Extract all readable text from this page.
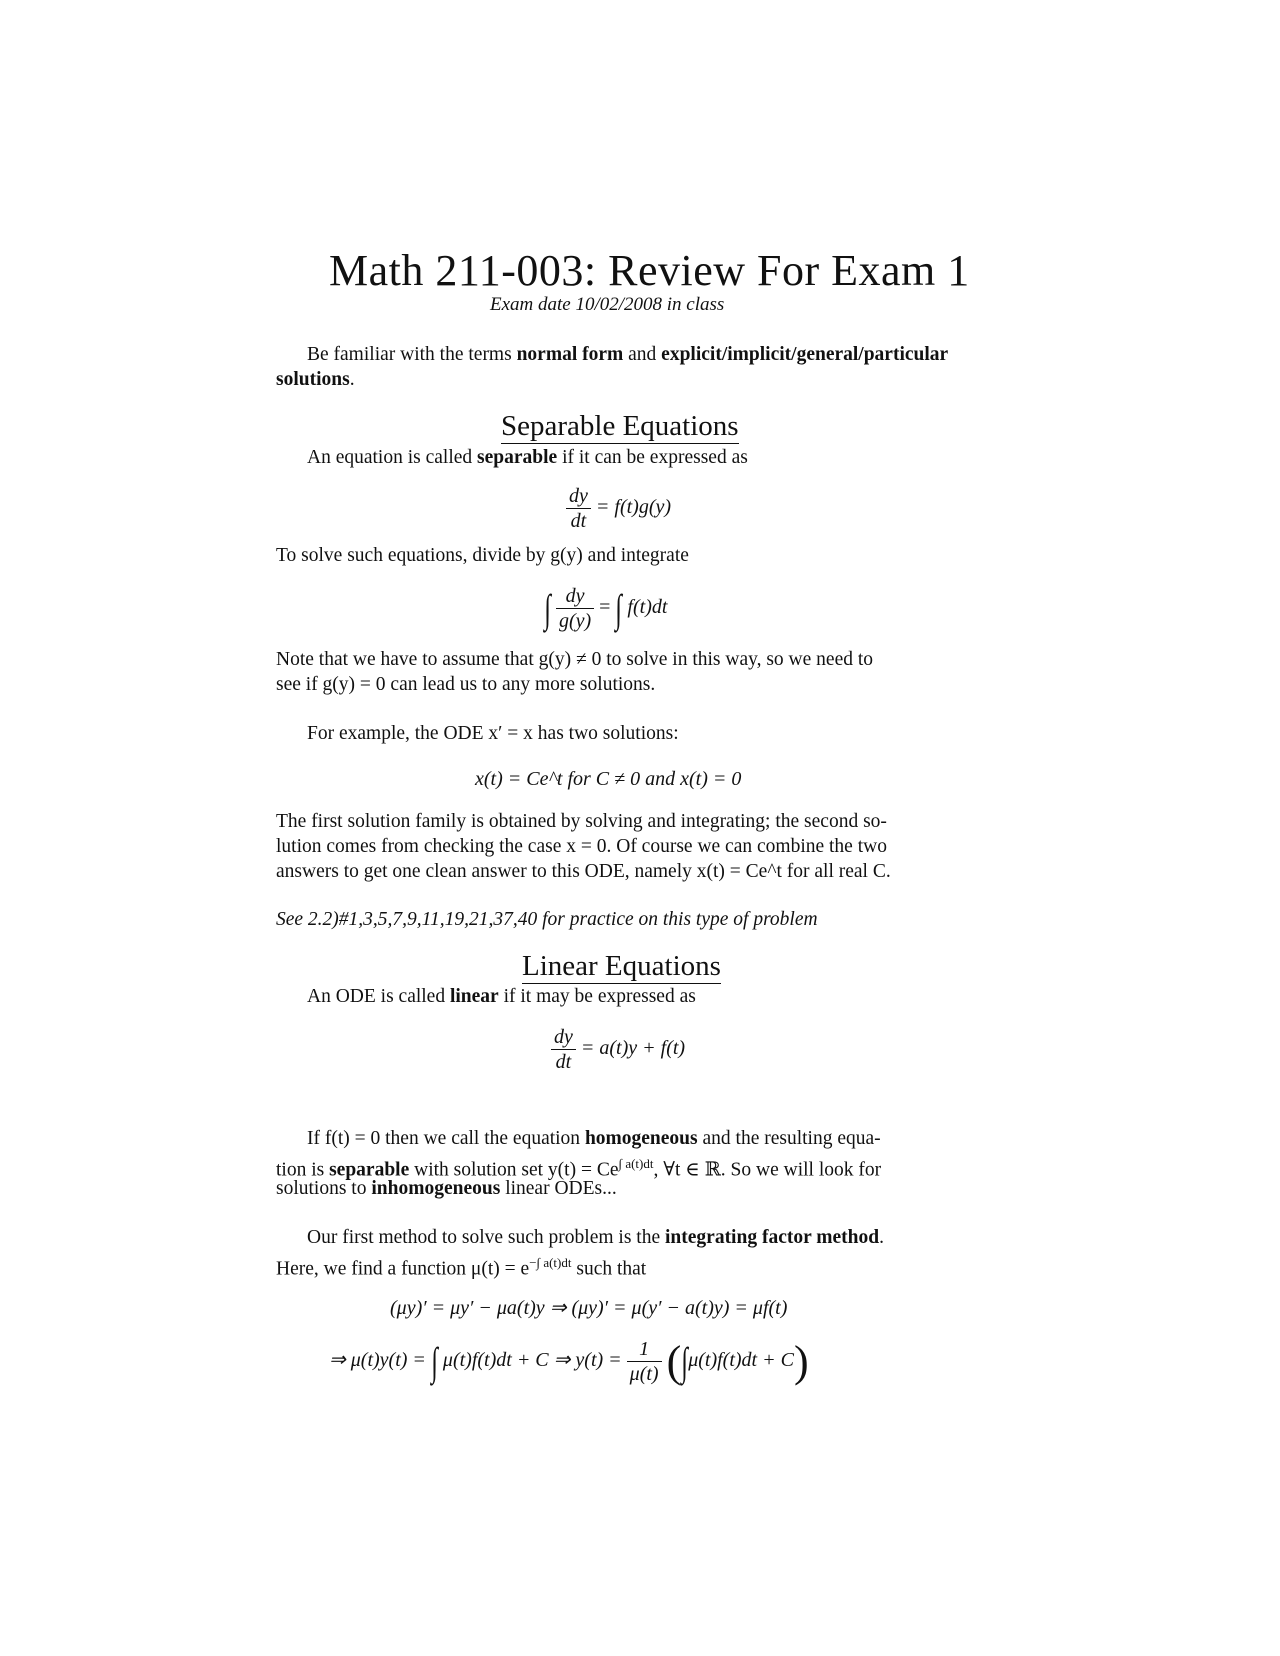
Math 211-003: Review For Exam 1
Exam date 10/02/2008 in class
Be familiar with the terms normal form and explicit/implicit/general/particular
solutions.
Separable Equations
An equation is called separable if it can be expressed as
$\frac{dy}{dt} = f(t)g(y)$
To solve such equations, divide by g(y) and integrate
∫ $\frac{dy}{g(y)}$ = ∫ f(t)dt
Note that we have to assume that g(y) ≠ 0 to solve in this way, so we need to
see if g(y) = 0 can lead us to any more solutions.
For example, the ODE x′ = x has two solutions:
x(t) = Ce^t for C ≠ 0 and x(t) = 0
The first solution family is obtained by solving and integrating; the second so-
lution comes from checking the case x = 0. Of course we can combine the two
answers to get one clean answer to this ODE, namely x(t) = Ce^t for all real C.
See 2.2)#1,3,5,7,9,11,19,21,37,40 for practice on this type of problem
Linear Equations
An ODE is called linear if it may be expressed as
$\frac{dy}{dt} = a(t)y + f(t)$
If f(t) = 0 then we call the equation homogeneous and the resulting equa-
tion is separable with solution set $y(t) = Ce^{\int a(t)dt}$, ∀t ∈ ℝ. So we will look for
solutions to inhomogeneous linear ODEs...
Our first method to solve such problem is the integrating factor method.
Here, we find a function $\mu(t) = e^{-\int a(t)dt}$ such that
(μy)′ = μy′ − μa(t)y ⇒ (μy)′ = μ(y′ − a(t)y) = μf(t)
⇒ μ(t)y(t) = ∫ μ(t)f(t)dt + C ⇒ $y(t) = \frac{1}{\mu(t)} (\int\mu(t)f(t)dt + C)$
